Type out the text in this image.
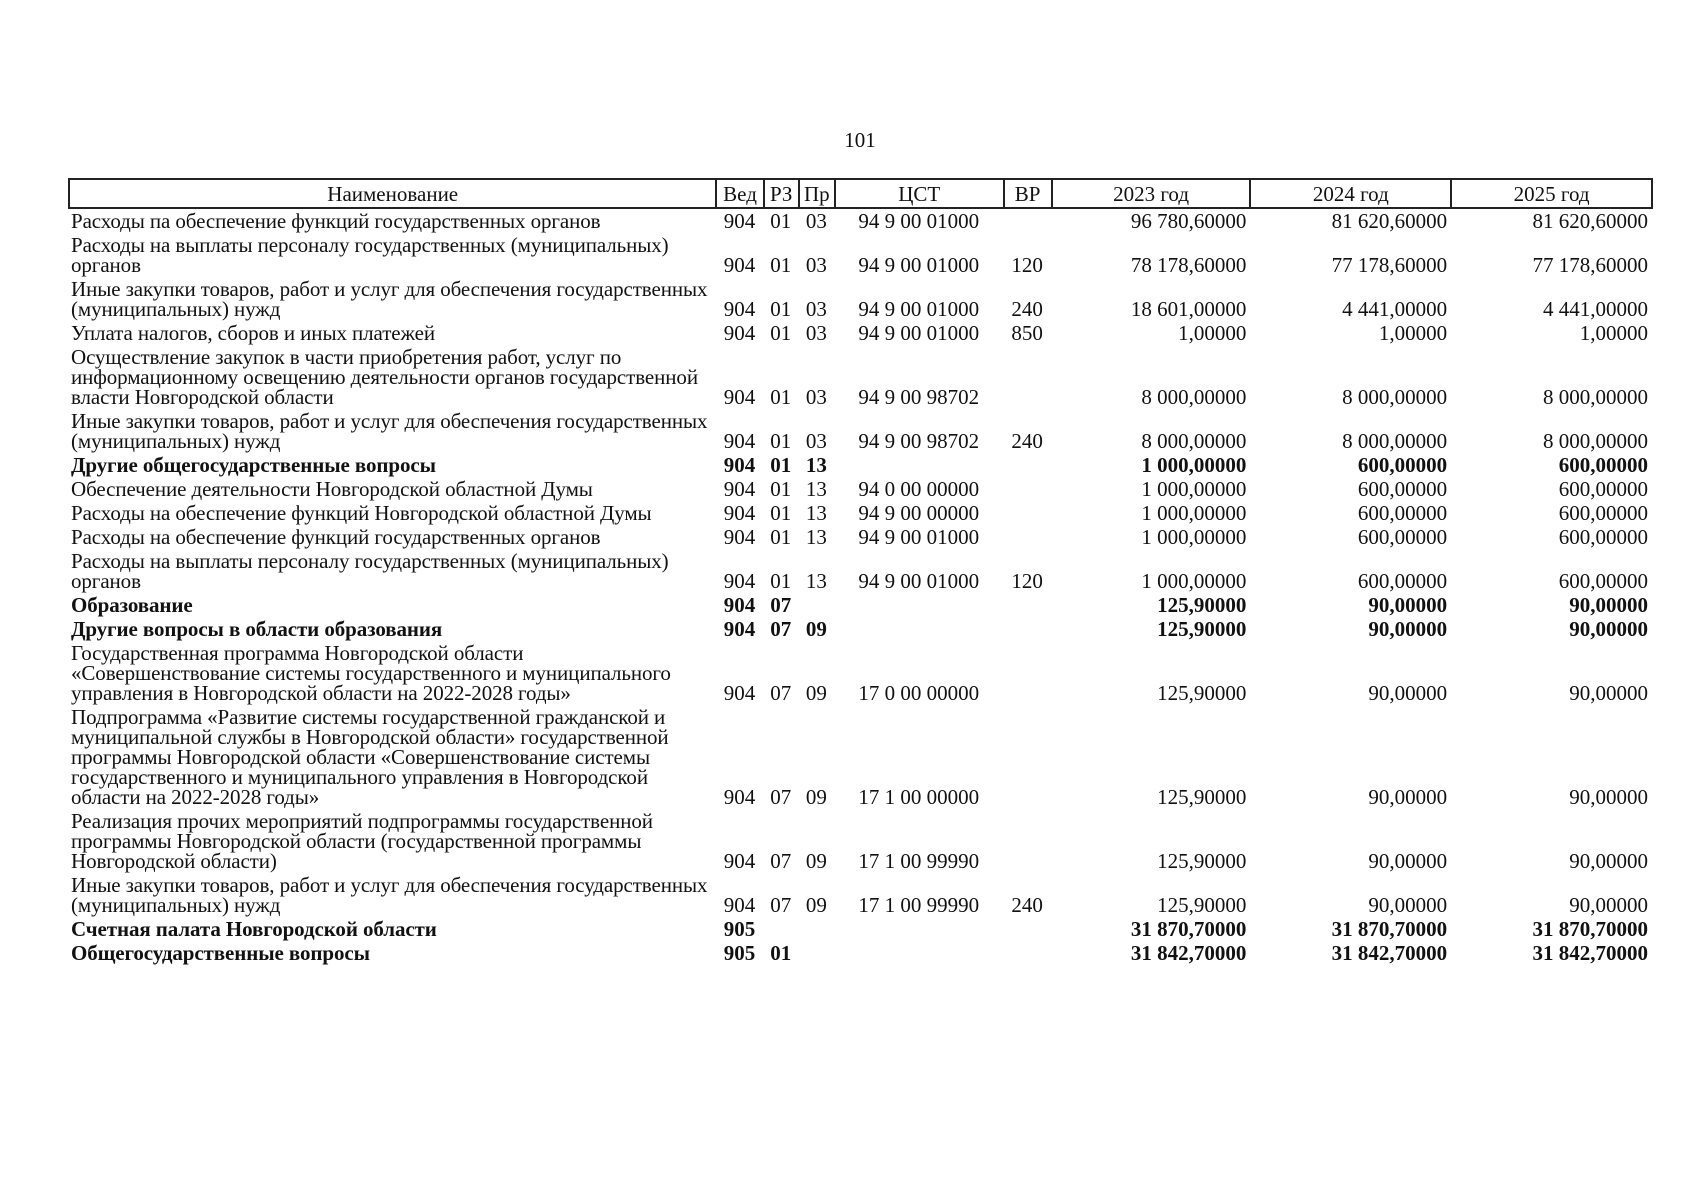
101
Наименование	Вед	РЗ	Пр	ЦСТ	ВР	2023 год	2024 год	2025 год
Расходы па обеспечение функций государственных органов	904	01	03	94 9 00 01000		96 780,60000	81 620,60000	81 620,60000
Расходы на выплаты персоналу государственных (муниципальных) органов	904	01	03	94 9 00 01000	120	78 178,60000	77 178,60000	77 178,60000
Иные закупки товаров, работ и услуг для обеспечения государственных (муниципальных) нужд	904	01	03	94 9 00 01000	240	18 601,00000	4 441,00000	4 441,00000
Уплата налогов, сборов и иных платежей	904	01	03	94 9 00 01000	850	1,00000	1,00000	1,00000
Осуществление закупок в части приобретения работ, услуг по информационному освещению деятельности органов государственной власти Новгородской области	904	01	03	94 9 00 98702		8 000,00000	8 000,00000	8 000,00000
Иные закупки товаров, работ и услуг для обеспечения государственных (муниципальных) нужд	904	01	03	94 9 00 98702	240	8 000,00000	8 000,00000	8 000,00000
Другие общегосударственные вопросы	904	01	13			1 000,00000	600,00000	600,00000
Обеспечение деятельности Новгородской областной Думы	904	01	13	94 0 00 00000		1 000,00000	600,00000	600,00000
Расходы на обеспечение функций Новгородской областной Думы	904	01	13	94 9 00 00000		1 000,00000	600,00000	600,00000
Расходы на обеспечение функций государственных органов	904	01	13	94 9 00 01000		1 000,00000	600,00000	600,00000
Расходы на выплаты персоналу государственных (муниципальных) органов	904	01	13	94 9 00 01000	120	1 000,00000	600,00000	600,00000
Образование	904	07				125,90000	90,00000	90,00000
Другие вопросы в области образования	904	07	09			125,90000	90,00000	90,00000
Государственная программа Новгородской области «Совершенствование системы государственного и муниципального управления в Новгородской области на 2022-2028 годы»	904	07	09	17 0 00 00000		125,90000	90,00000	90,00000
Подпрограмма «Развитие системы государственной гражданской и муниципальной службы в Новгородской области» государственной программы Новгородской области «Совершенствование системы государственного и муниципального управления в Новгородской области на 2022-2028 годы»	904	07	09	17 1 00 00000		125,90000	90,00000	90,00000
Реализация прочих мероприятий подпрограммы государственной программы Новгородской области (государственной программы Новгородской области)	904	07	09	17 1 00 99990		125,90000	90,00000	90,00000
Иные закупки товаров, работ и услуг для обеспечения государственных (муниципальных) нужд	904	07	09	17 1 00 99990	240	125,90000	90,00000	90,00000
Счетная палата Новгородской области	905					31 870,70000	31 870,70000	31 870,70000
Общегосударственные вопросы	905	01				31 842,70000	31 842,70000	31 842,70000
